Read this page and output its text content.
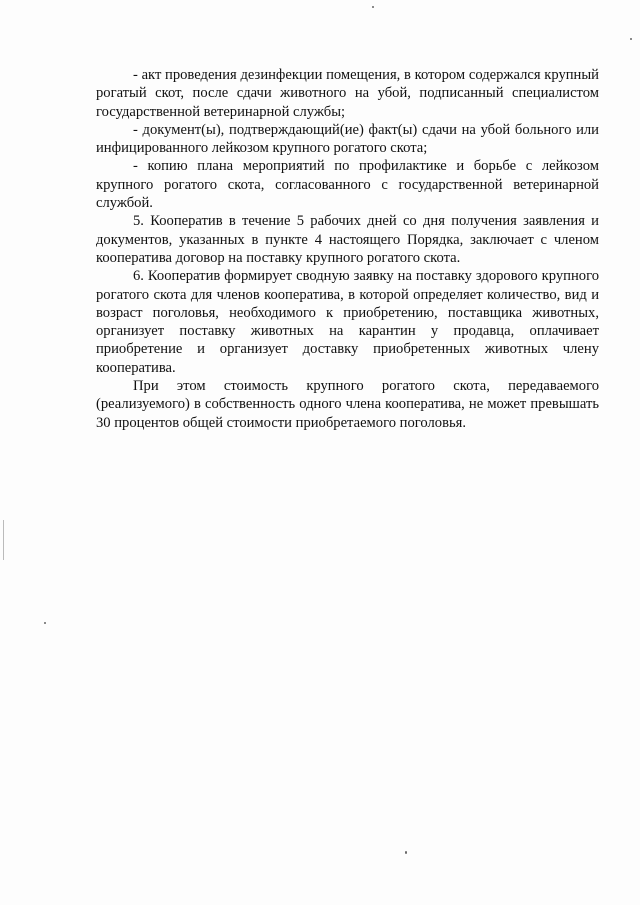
- акт проведения дезинфекции помещения, в котором содержался крупный рогатый скот, после сдачи животного на убой, подписанный специалистом государственной ветеринарной службы;

- документ(ы), подтверждающий(ие) факт(ы) сдачи на убой больного или инфицированного лейкозом крупного рогатого скота;

- копию плана мероприятий по профилактике и борьбе с лейкозом крупного рогатого скота, согласованного с государственной ветеринарной службой.

5. Кооператив в течение 5 рабочих дней со дня получения заявления и документов, указанных в пункте 4 настоящего Порядка, заключает с членом кооператива договор на поставку крупного рогатого скота.

6. Кооператив формирует сводную заявку на поставку здорового крупного рогатого скота для членов кооператива, в которой определяет количество, вид и возраст поголовья, необходимого к приобретению, поставщика животных, организует поставку животных на карантин у продавца, оплачивает приобретение и организует доставку приобретенных животных члену кооператива.

При этом стоимость крупного рогатого скота, передаваемого (реализуемого) в собственность одного члена кооператива, не может превышать 30 процентов общей стоимости приобретаемого поголовья.
